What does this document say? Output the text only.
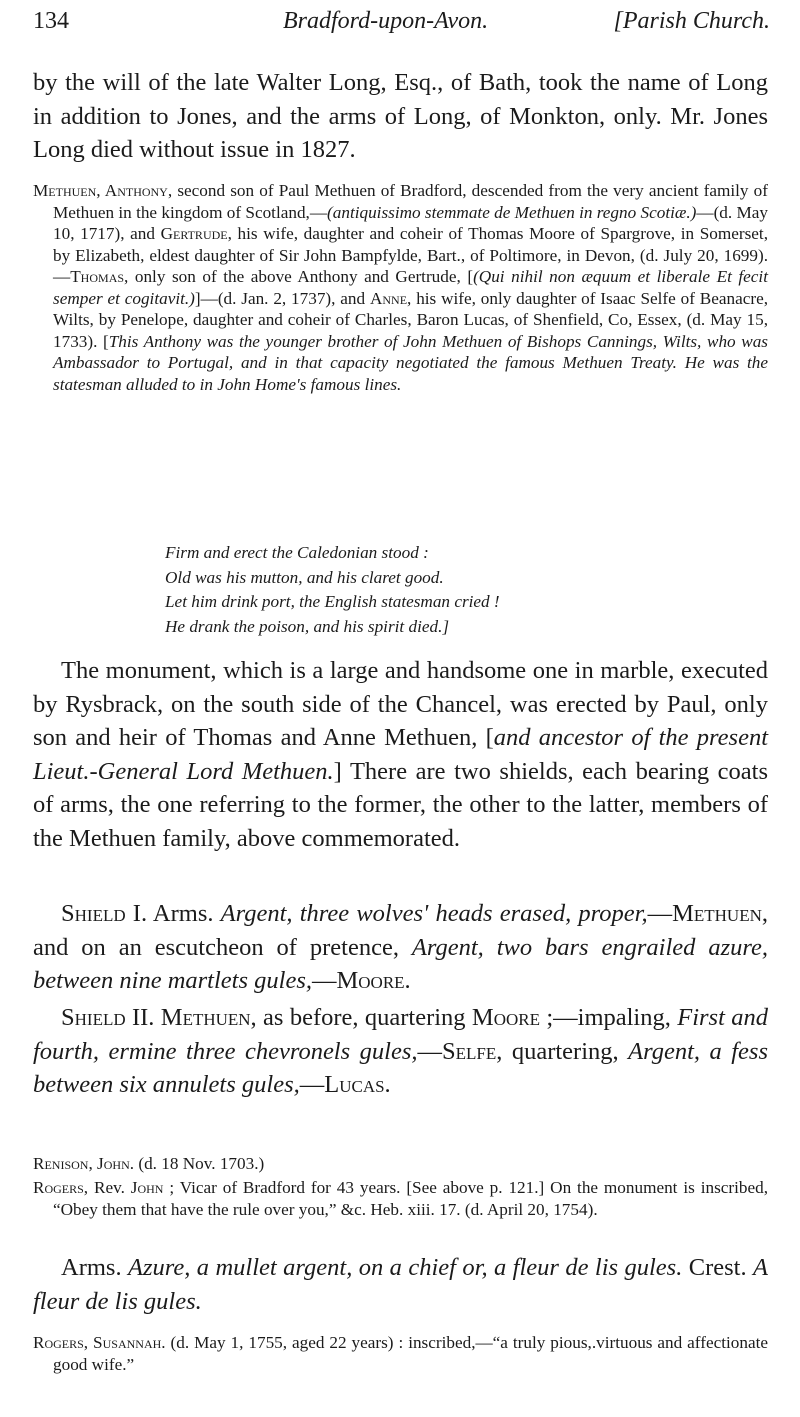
134	Bradford-upon-Avon.	[Parish Church.

by the will of the late Walter Long, Esq., of Bath, took the name of Long in addition to Jones, and the arms of Long, of Monkton, only. Mr. Jones Long died without issue in 1827.

Methuen, Anthony, second son of Paul Methuen of Bradford, descended from the very ancient family of Methuen in the kingdom of Scotland,—(antiquissimo stemmate de Methuen in regno Scotiæ.)—(d. May 10, 1717), and Gertrude, his wife, daughter and coheir of Thomas Moore of Spargrove, in Somerset, by Elizabeth, eldest daughter of Sir John Bampfylde, Bart., of Poltimore, in Devon, (d. July 20, 1699).—Thomas, only son of the above Anthony and Gertrude, [(Qui nihil non æquum et liberale Et fecit semper et cogitavit.)]—(d. Jan. 2, 1737), and Anne, his wife, only daughter of Isaac Selfe of Beanacre, Wilts, by Penelope, daughter and coheir of Charles, Baron Lucas, of Shenfield, Co, Essex, (d. May 15, 1733). [This Anthony was the younger brother of John Methuen of Bishops Cannings, Wilts, who was Ambassador to Portugal, and in that capacity negotiated the famous Methuen Treaty. He was the statesman alluded to in John Home's famous lines.

Firm and erect the Caledonian stood :
Old was his mutton, and his claret good.
Let him drink port, the English statesman cried !
He drank the poison, and his spirit died.]

The monument, which is a large and handsome one in marble, executed by Rysbrack, on the south side of the Chancel, was erected by Paul, only son and heir of Thomas and Anne Methuen, [and ancestor of the present Lieut.-General Lord Methuen.] There are two shields, each bearing coats of arms, the one referring to the former, the other to the latter, members of the Methuen family, above commemorated.

Shield I. Arms. Argent, three wolves' heads erased, proper,—Methuen, and on an escutcheon of pretence, Argent, two bars engrailed azure, between nine martlets gules,—Moore.

Shield II. Methuen, as before, quartering Moore ;—impaling, First and fourth, ermine three chevronels gules,—Selfe, quartering, Argent, a fess between six annulets gules,—Lucas.

Renison, John. (d. 18 Nov. 1703.)

Rogers, Rev. John ; Vicar of Bradford for 43 years. [See above p. 121.] On the monument is inscribed, “Obey them that have the rule over you,” &c. Heb. xiii. 17. (d. April 20, 1754).

Arms. Azure, a mullet argent, on a chief or, a fleur de lis gules. Crest. A fleur de lis gules.

Rogers, Susannah. (d. May 1, 1755, aged 22 years) : inscribed,—“a truly pious,.virtuous and affectionate good wife.”
